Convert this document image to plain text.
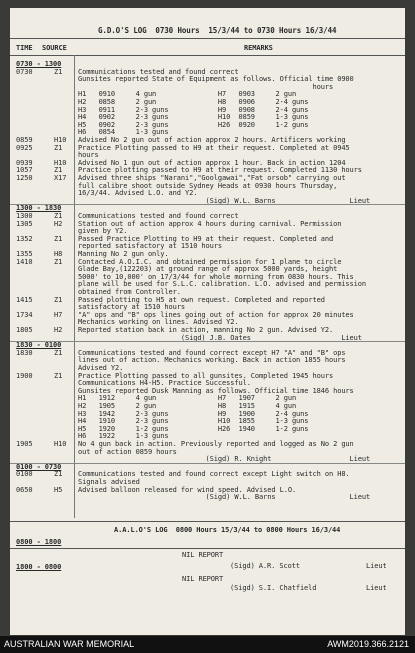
G.D.O'S LOG  0730 Hours  15/3/44 to 0730 Hours 16/3/44
TIME SOURCE	REMARKS
0730 - 1300
0730	Z1 Communications tested and found correct
Gunsites reported State of Equipment as follows. Official time 0900
hours
H1   0910     4 gun               H7   0903     2 gun
H2   0858     2 gun               H8   0906     2-4 guns
H3   0911     2-3 guns            H9   0908     2-4 guns
H4   0902     2-3 guns            H10  0859     1-3 guns
H5   0902     2-3 guns            H26  0920     1-2 guns
H6   0854     1-3 guns
0859	H10 Advised No 2 gun out of action approx 2 hours. Artificers working
0925	Z1 Practice Plotting passed to H9 at their request. Completed at 0945
hours
0939	H10 Advised No 1 gun out of action approx 1 hour. Back in action 1204
1057	Z1 Practice plotting passed to H9 at their request. Completed 1130 hours
1250	X17 Advised three ships "Narani","Goolgawai","Fat orsob" carrying out
full calibre shoot outside Sydney Heads at 0930 hours Thursday,
16/3/44. Advised L.O. and Y2.
(Sigd) W.L. Barns                  Lieut
1300 - 1830
1300	Z1 Communications tested and found correct
1305	H2 Station out of action approx 4 hours during carnival. Permission
given by Y2.
1352	Z1 Passed Practice Plotting to H9 at their request. Completed and
reported satisfactory at 1510 hours
1355	H8 Manning No 2 gun only.
1410	Z1 Contacted A.O.I.C. and obtained permission for 1 plane to circle
Glade Bay,(122203) at ground range of approx 5000 yards, height
5000' to 10,000' on 17/3/44 for whole morning from 0830 hours. This
plane will be used for S.L.C. calibration. L.O. advised and permission
obtained from Controller.
1415	Z1 Passed plotting to H5 at own request. Completed and reported
satisfactory at 1510 hours
1734	H7 "A" ops and "B" ops lines going out of action for approx 20 minutes
Mechanics working on lines. Advised Y2.
1805	H2 Reported station back in action, manning No 2 gun. Advised Y2.
(Sigd) J.B. Oates                      Lieut
1830 - 0100
1830	Z1 Communications tested and found correct except H7 "A" and "B" ops
lines out of action. Mechanics working. Back in action 1855 hours
Advised Y2.
1900	Z1 Practice Plotting passed to all gunsites. Completed 1945 hours
Communications H4-H5. Practice Successful.
Gunsites reported Dusk Manning as follows. Official time 1846 hours
H1   1912     4 gun               H7   1907     2 gun
H2   1905     2 gun               H8   1915     4 gun
H3   1942     2-3 guns            H9   1900     2-4 guns
H4   1910     2-3 guns            H10  1855     1-3 guns
H5   1920     1-2 guns            H26  1940     1-2 guns
H6   1922     1-3 guns
1905	H10 No 4 gun back in action. Previously reported and logged as No 2 gun
out of action 0859 hours
(Sigd) R. Knight                   Lieut
0100 - 0730
0100	Z1 Communications tested and found correct except Light switch on H8.
Signals advised
0650	H5 Advised balloon released for wind speed. Advised L.O.
(Sigd) W.L. Barns                  Lieut
A.A.L.O'S LOG  0800 Hours 15/3/44 to 0800 Hours 16/3/44
0800 - 1800
NIL REPORT
(Sigd) A.R. Scott	Lieut
1800 - 0800
NIL REPORT
(Sigd) S.I. Chatfield	Lieut
AUSTRALIAN WAR MEMORIAL	AWM2019.366.2121
